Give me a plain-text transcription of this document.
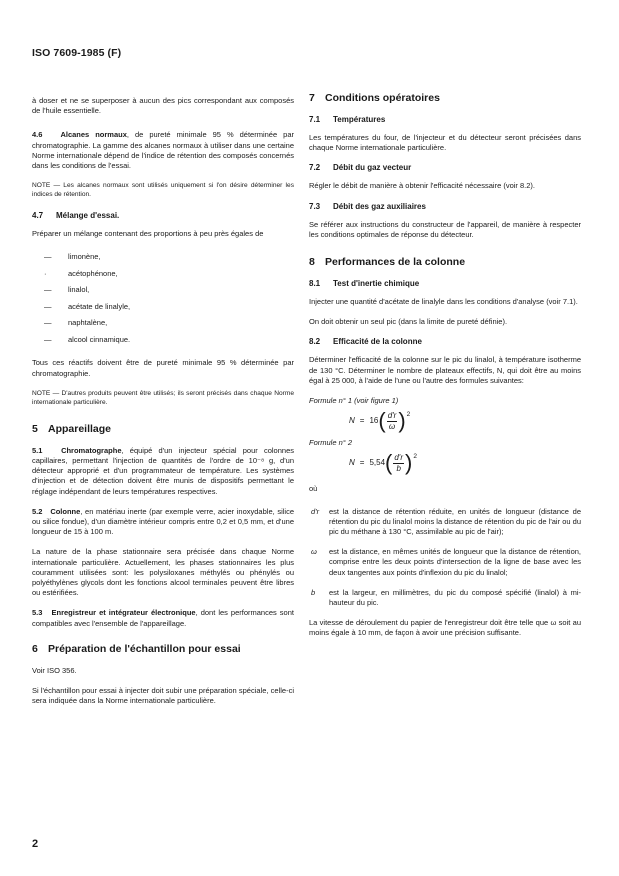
ISO 7609-1985 (F)

à doser et ne se superposer à aucun des pics correspondant aux composés de l'huile essentielle.

4.6 Alcanes normaux, de pureté minimale 95 % déterminée par chromatographie. La gamme des alcanes normaux à utiliser dans une certaine Norme internationale dépend de l'indice de rétention des composés concernés dans les conditions de l'essai.

NOTE — Les alcanes normaux sont utilisés uniquement si l'on désire déterminer les indices de rétention.

4.7 Mélange d'essai.

Préparer un mélange contenant des proportions à peu près égales de

— limonène,
·	acétophénone,
— linalol,
— acétate de linalyle,
— naphtalène,
— alcool cinnamique.

Tous ces réactifs doivent être de pureté minimale 95 % déterminée par chromatographie.

NOTE — D'autres produits peuvent être utilisés; ils seront précisés dans chaque Norme internationale particulière.

5 Appareillage

5.1 Chromatographe, équipé d'un injecteur spécial pour colonnes capillaires, permettant l'injection de quantités de l'ordre de 10⁻⁸ g, d'un détecteur approprié et d'un programmateur de température. Les systèmes d'injection et de détection doivent être munis de dispositifs permettant le réglage indépendant de leurs températures respectives.

5.2 Colonne, en matériau inerte (par exemple verre, acier inoxydable, silice ou silice fondue), d'un diamètre intérieur compris entre 0,2 et 0,5 mm, et d'une longueur de 15 à 100 m.

La nature de la phase stationnaire sera précisée dans chaque Norme internationale particulière. Actuellement, les phases stationnaires les plus couramment utilisées sont: les polysiloxanes méthylés ou phénylés ou polyéthylènes glycols dont les fonctions alcool terminales peuvent être libres ou estérifiées.

5.3 Enregistreur et intégrateur électronique, dont les performances sont compatibles avec l'ensemble de l'appareillage.

6 Préparation de l'échantillon pour essai

Voir ISO 356.

Si l'échantillon pour essai à injecter doit subir une préparation spéciale, celle-ci sera indiquée dans la Norme internationale particulière.

7 Conditions opératoires
7.1 Températures

Les températures du four, de l'injecteur et du détecteur seront précisées dans chaque Norme internationale particulière.

7.2 Débit du gaz vecteur

Régler le débit de manière à obtenir l'efficacité nécessaire (voir 8.2).

7.3 Débit des gaz auxiliaires

Se référer aux instructions du constructeur de l'appareil, de manière à respecter les conditions optimales de réponse du détecteur.

8 Performances de la colonne
8.1 Test d'inertie chimique

Injecter une quantité d'acétate de linalyle dans les conditions d'analyse (voir 7.1).

On doit obtenir un seul pic (dans la limite de pureté définie).

8.2 Efficacité de la colonne

Déterminer l'efficacité de la colonne sur le pic du linalol, à température isotherme de 130 °C. Déterminer le nombre de plateaux effectifs, N, qui doit être au moins égal à 25 000, à l'aide de l'une ou l'autre des formules suivantes:

Formule n° 1 (voir figure 1)
N = 16 ( $\frac{d'r}{\omega}$ ) 2
Formule n° 2
N = 5,54 ( $\frac{d'r}{b}$ ) 2
où
d'r	est la distance de rétention réduite, en unités de longueur (distance de rétention du pic du linalol moins la distance de rétention du pic de l'air ou du pic du méthane à 130 °C, assimilable au pic de l'air);
ω	est la distance, en mêmes unités de longueur que la distance de rétention, comprise entre les deux points d'intersection de la ligne de base avec les deux tangentes aux points d'inflexion du pic du linalol;
b	est la largeur, en millimètres, du pic du composé spécifié (linalol) à mi-hauteur du pic.

La vitesse de déroulement du papier de l'enregistreur doit être telle que ω soit au moins égale à 10 mm, de façon à avoir une précision suffisante.

2
